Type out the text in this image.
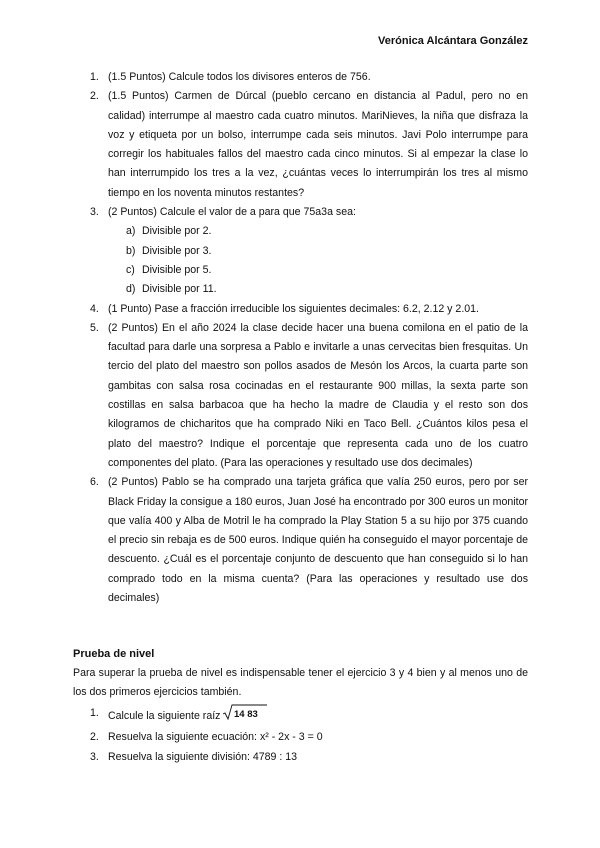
Verónica Alcántara González
1. (1.5 Puntos) Calcule todos los divisores enteros de 756.
2. (1.5 Puntos) Carmen de Dúrcal (pueblo cercano en distancia al Padul, pero no en calidad) interrumpe al maestro cada cuatro minutos. MariNieves, la niña que disfraza la voz y etiqueta por un bolso, interrumpe cada seis minutos. Javi Polo interrumpe para corregir los habituales fallos del maestro cada cinco minutos. Si al empezar la clase lo han interrumpido los tres a la vez, ¿cuántas veces lo interrumpirán los tres al mismo tiempo en los noventa minutos restantes?
3. (2 Puntos) Calcule el valor de a para que 75a3a sea:
a) Divisible por 2.
b) Divisible por 3.
c) Divisible por 5.
d) Divisible por 11.
4. (1 Punto) Pase a fracción irreducible los siguientes decimales: 6.2, 2.12 y 2.01.
5. (2 Puntos) En el año 2024 la clase decide hacer una buena comilona en el patio de la facultad para darle una sorpresa a Pablo e invitarle a unas cervecitas bien fresquitas. Un tercio del plato del maestro son pollos asados de Mesón los Arcos, la cuarta parte son gambitas con salsa rosa cocinadas en el restaurante 900 millas, la sexta parte son costillas en salsa barbacoa que ha hecho la madre de Claudia y el resto son dos kilogramos de chicharitos que ha comprado Niki en Taco Bell. ¿Cuántos kilos pesa el plato del maestro? Indique el porcentaje que representa cada uno de los cuatro componentes del plato. (Para las operaciones y resultado use dos decimales)
6. (2 Puntos) Pablo se ha comprado una tarjeta gráfica que valía 250 euros, pero por ser Black Friday la consigue a 180 euros, Juan José ha encontrado por 300 euros un monitor que valía 400 y Alba de Motril le ha comprado la Play Station 5 a su hijo por 375 cuando el precio sin rebaja es de 500 euros. Indique quién ha conseguido el mayor porcentaje de descuento. ¿Cuál es el porcentaje conjunto de descuento que han conseguido si lo han comprado todo en la misma cuenta? (Para las operaciones y resultado use dos decimales)
Prueba de nivel
Para superar la prueba de nivel es indispensable tener el ejercicio 3 y 4 bien y al menos uno de los dos primeros ejercicios también.
1. Calcule la siguiente raíz 14 83
2. Resuelva la siguiente ecuación: x² - 2x - 3 = 0
3. Resuelva la siguiente división: 4789 : 13
